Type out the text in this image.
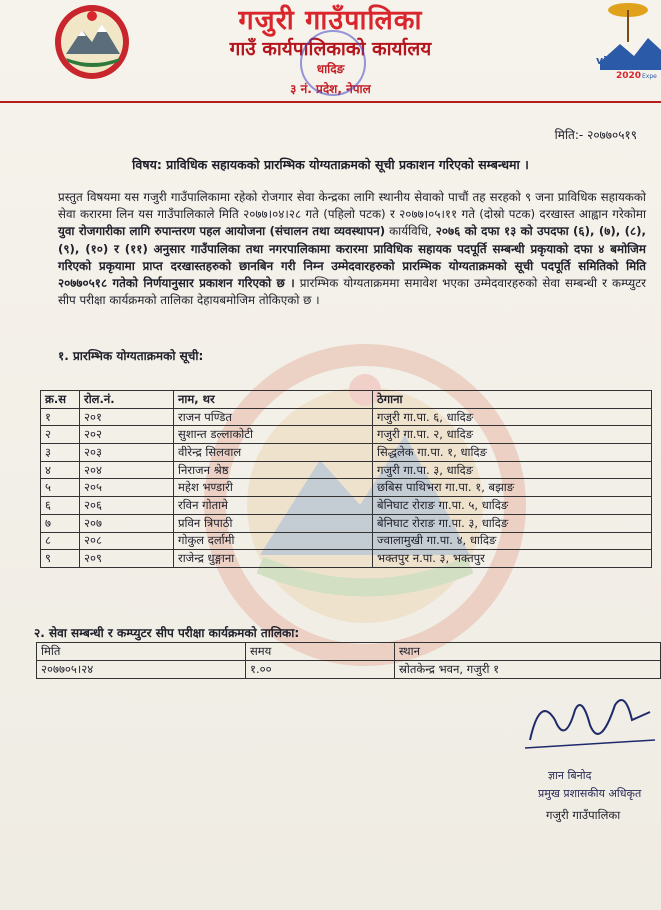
visit Nep
2020 Expe
गजुरी गाउँपालिका
गाउँ कार्यपालिकाको कार्यालय
धादिङ
३ नं. प्रदेश, नेपाल
मिति:- २०७७०५१९
विषय: प्राविधिक सहायकको प्रारम्भिक योग्यताक्रमको सूची प्रकाशन गरिएको सम्बन्धमा ।
प्रस्तुत विषयमा यस गजुरी गाउँपालिकामा रहेको रोजगार सेवा केन्द्रका लागि स्थानीय सेवाको पाचौं तह सरहको ९ जना प्राविधिक सहायकको सेवा करारमा लिन यस गाउँपालिकाले मिति २०७७।०४।२८ गते (पहिलो पटक) र २०७७।०५।११ गते (दोस्रो पटक) दरखास्त आह्वान गरेकोमा युवा रोजगारीका लागि रुपान्तरण पहल आयोजना (संचालन तथा व्यवस्थापन) कार्यविधि, २०७६ को दफा १३ को उपदफा (६), (७), (८), (९), (१०) र (११) अनुसार गाउँपालिका तथा नगरपालिकामा करारमा प्राविधिक सहायक पदपूर्ति सम्बन्धी प्रकृयाको दफा ४ बमोजिम गरिएको प्रकृयामा प्राप्त दरखास्तहरुको छानबिन गरी निम्न उम्मेदवारहरुको प्रारम्भिक योग्यताक्रमको सूची पदपूर्ति समितिको मिति २०७७०५१८ गतेको निर्णयानुसार प्रकाशन गरिएको छ । प्रारम्भिक योग्यताक्रममा समावेश भएका उम्मेदवारहरुको सेवा सम्बन्धी र कम्प्युटर सीप परीक्षा कार्यक्रमको तालिका देहायबमोजिम तोकिएको छ ।
१. प्रारम्भिक योग्यताक्रमको सूची:
क्र.स	रोल.नं.	नाम, थर	ठेगाना
१	२०१	राजन पण्डित	गजुरी गा.पा. ६, धादिङ
२	२०२	सुशान्त डल्लाकोटी	गजुरी गा.पा. २, धादिङ
३	२०३	वीरेन्द्र सिलवाल	सिद्धलेक गा.पा. १, धादिङ
४	२०४	निराजन श्रेष्ठ	गजुरी गा.पा. ३, धादिङ
५	२०५	महेश भण्डारी	छबिस पाथिभरा गा.पा. १, बझाङ
६	२०६	रविन गोतामे	बेनिघाट रोराङ गा.पा. ५, धादिङ
७	२०७	प्रविन त्रिपाठी	बेनिघाट रोराङ गा.पा. ३, धादिङ
८	२०८	गोकुल दर्लामी	ज्वालामुखी गा.पा. ४, धादिङ
९	२०९	राजेन्द्र धुङ्गाना	भक्तपुर न.पा. ३, भक्तपुर
२. सेवा सम्बन्धी र कम्प्युटर सीप परीक्षा कार्यक्रमको तालिका:
मिति	समय	स्थान
२०७७०५।२४	१.००	स्रोतकेन्द्र भवन, गजुरी १
ज्ञान बिनोद
प्रमुख प्रशासकीय अधिकृत
गजुरी गाउँपालिका
